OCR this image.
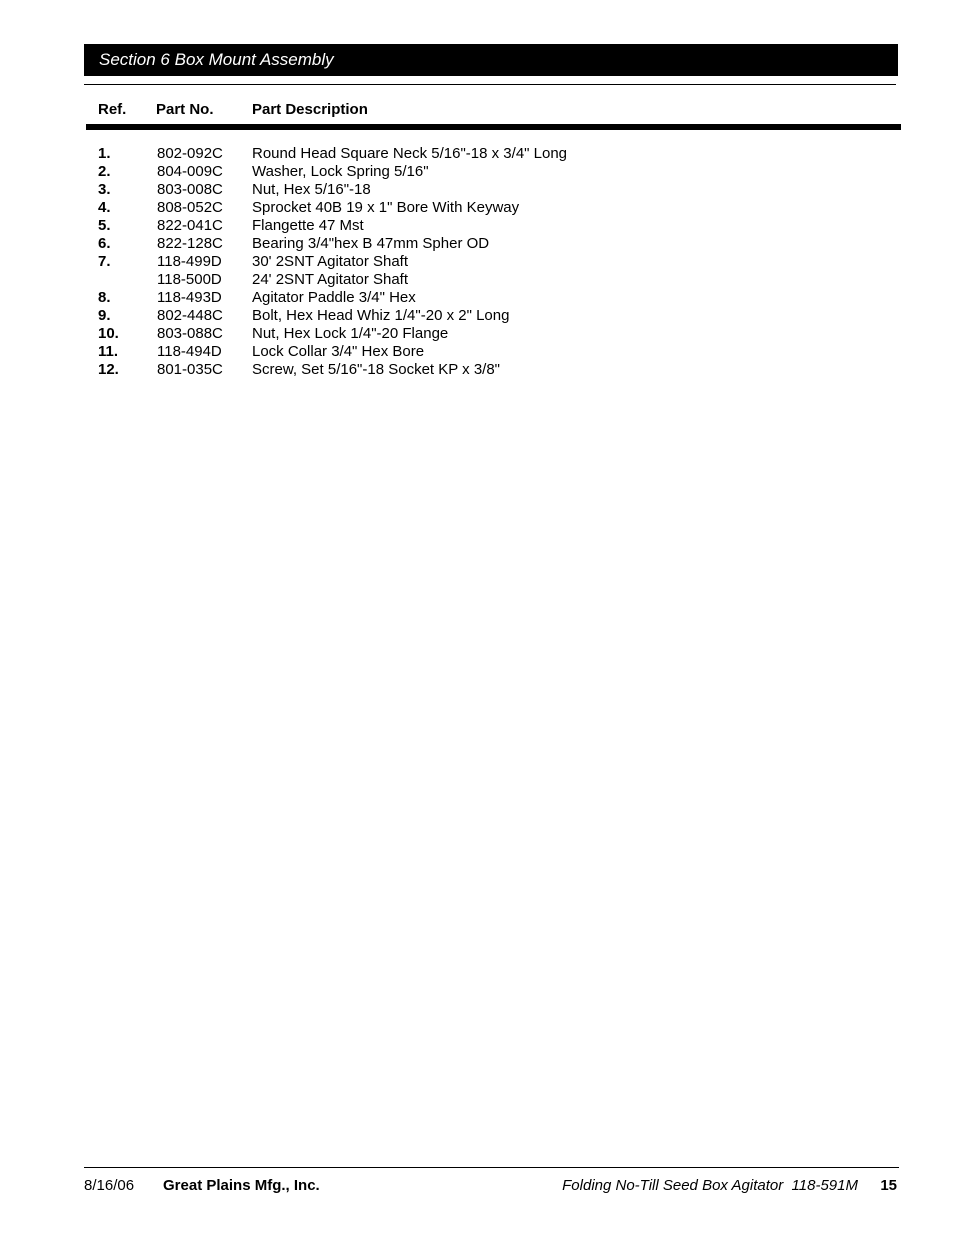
Section 6 Box Mount Assembly
Ref. Part No.	Part Description
1.	802-092C Round Head Square Neck 5/16"-18 x 3/4" Long
2.	804-009C Washer, Lock Spring 5/16"
3.	803-008C Nut, Hex 5/16"-18
4.	808-052C Sprocket 40B 19 x 1" Bore With Keyway
5.	822-041C Flangette 47 Mst
6.	822-128C Bearing 3/4"hex B 47mm Spher OD
7.	118-499D 30' 2SNT Agitator Shaft
118-500D 24' 2SNT Agitator Shaft
8.	118-493D Agitator Paddle 3/4" Hex
9.	802-448C Bolt, Hex Head Whiz 1/4"-20 x 2" Long
10.	803-088C Nut, Hex Lock 1/4"-20 Flange
11.	118-494D Lock Collar 3/4" Hex Bore
12.	801-035C Screw, Set 5/16"-18 Socket KP x 3/8"
8/16/06 Great Plains Mfg., Inc.	Folding No-Till Seed Box Agitator  118-591M 15
